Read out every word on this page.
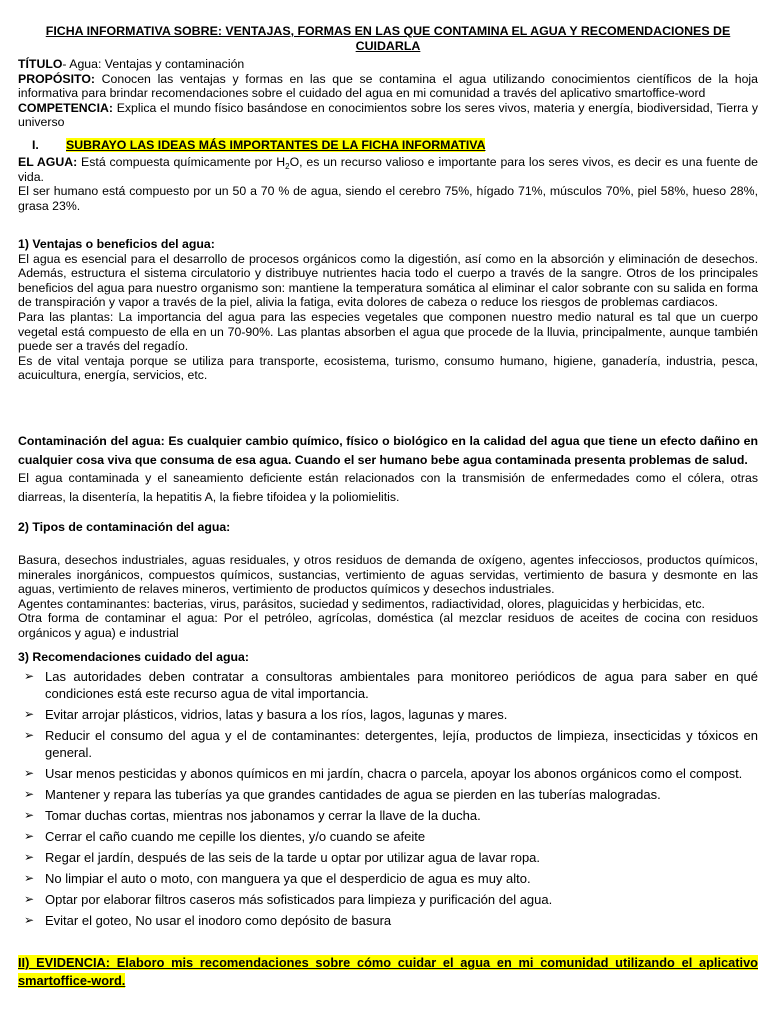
FICHA INFORMATIVA SOBRE: VENTAJAS, FORMAS EN LAS QUE CONTAMINA EL AGUA Y RECOMENDACIONES DE CUIDARLA

TÍTULO- Agua: Ventajas y contaminación
PROPÓSITO: Conocen las ventajas y formas en las que se contamina el agua utilizando conocimientos científicos de la hoja informativa para brindar recomendaciones sobre el cuidado del agua en mi comunidad a través del aplicativo smartoffice-word
COMPETENCIA: Explica el mundo físico basándose en conocimientos sobre los seres vivos, materia y energía, biodiversidad, Tierra y universo
I. SUBRAYO LAS IDEAS MÁS IMPORTANTES DE LA FICHA INFORMATIVA
EL AGUA: Está compuesta químicamente por $H_2O$, es un recurso valioso e importante para los seres vivos, es decir es una fuente de vida.
El ser humano está compuesto por un 50 a 70 % de agua, siendo el cerebro 75%, hígado 71%, músculos 70%, piel 58%, hueso 28%, grasa 23%.
1) Ventajas o beneficios del agua:
El agua es esencial para el desarrollo de procesos orgánicos como la digestión, así como en la absorción y eliminación de desechos. Además, estructura el sistema circulatorio y distribuye nutrientes hacia todo el cuerpo a través de la sangre. Otros de los principales beneficios del agua para nuestro organismo son: mantiene la temperatura somática al eliminar el calor sobrante con su salida en forma de transpiración y vapor a través de la piel, alivia la fatiga, evita dolores de cabeza o reduce los riesgos de problemas cardiacos.
Para las plantas: La importancia del agua para las especies vegetales que componen nuestro medio natural es tal que un cuerpo vegetal está compuesto de ella en un 70-90%. Las plantas absorben el agua que procede de la lluvia, principalmente, aunque también puede ser a través del regadío.
Es de vital ventaja porque se utiliza para transporte, ecosistema, turismo, consumo humano, higiene, ganadería, industria, pesca, acuicultura, energía, servicios, etc.
Contaminación del agua: Es cualquier cambio químico, físico o biológico en la calidad del agua que tiene un efecto dañino en cualquier cosa viva que consuma de esa agua. Cuando el ser humano bebe agua contaminada presenta problemas de salud.
El agua contaminada y el saneamiento deficiente están relacionados con la transmisión de enfermedades como el cólera, otras diarreas, la disentería, la hepatitis A, la fiebre tifoidea y la poliomielitis.
2) Tipos de contaminación del agua:
Basura, desechos industriales, aguas residuales, y otros residuos de demanda de oxígeno, agentes infecciosos, productos químicos, minerales inorgánicos, compuestos químicos, sustancias, vertimiento de aguas servidas, vertimiento de basura y desmonte en las aguas, vertimiento de relaves mineros, vertimiento de productos químicos y desechos industriales.
Agentes contaminantes: bacterias, virus, parásitos, suciedad y sedimentos, radiactividad, olores, plaguicidas y herbicidas, etc.
Otra forma de contaminar el agua: Por el petróleo, agrícolas, doméstica (al mezclar residuos de aceites de cocina con residuos orgánicos y agua) e industrial
3) Recomendaciones cuidado del agua:
➢ Las autoridades deben contratar a consultoras ambientales para monitoreo periódicos de agua para saber en qué condiciones está este recurso agua de vital importancia.
➢ Evitar arrojar plásticos, vidrios, latas y basura a los ríos, lagos, lagunas y mares.
➢ Reducir el consumo del agua y el de contaminantes: detergentes, lejía, productos de limpieza, insecticidas y tóxicos en general.
➢ Usar menos pesticidas y abonos químicos en mi jardín, chacra o parcela, apoyar los abonos orgánicos como el compost.
➢ Mantener y repara las tuberías ya que grandes cantidades de agua se pierden en las tuberías malogradas.
➢ Tomar duchas cortas, mientras nos jabonamos y cerrar la llave de la ducha.
➢ Cerrar el caño cuando me cepille los dientes, y/o cuando se afeite
➢ Regar el jardín, después de las seis de la tarde u optar por utilizar agua de lavar ropa.
➢ No limpiar el auto o moto, con manguera ya que el desperdicio de agua es muy alto.
➢ Optar por elaborar filtros caseros más sofisticados para limpieza y purificación del agua.
➢ Evitar el goteo, No usar el inodoro como depósito de basura
II) EVIDENCIA: Elaboro mis recomendaciones sobre cómo cuidar el agua en mi comunidad utilizando el aplicativo smartoffice-word.
